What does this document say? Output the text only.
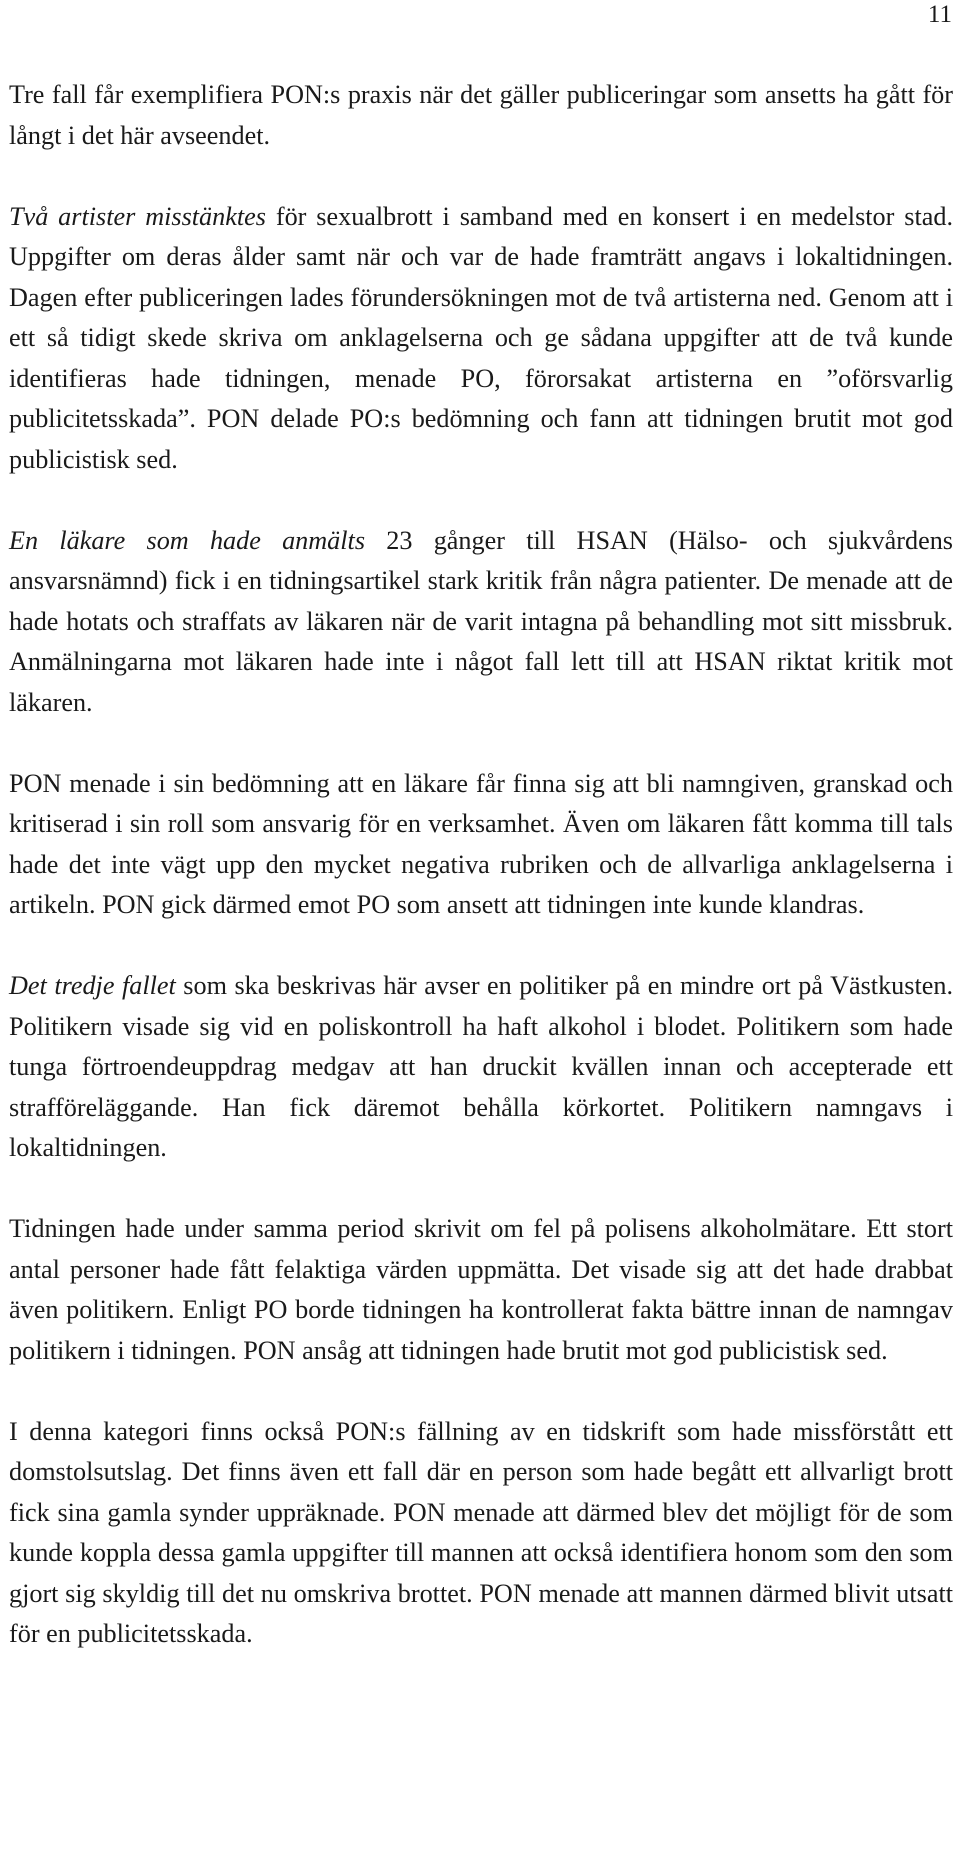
11

Tre fall får exemplifiera PON:s praxis när det gäller publiceringar som ansetts ha gått för långt i det här avseendet.

Två artister misstänktes för sexualbrott i samband med en konsert i en medelstor stad. Uppgifter om deras ålder samt när och var de hade framträtt angavs i lokaltidningen. Dagen efter publiceringen lades förundersökningen mot de två artisterna ned. Genom att i ett så tidigt skede skriva om anklagelserna och ge sådana uppgifter att de två kunde identifieras hade tidningen, menade PO, förorsakat artisterna en ”oförsvarlig publicitetsskada”. PON delade PO:s bedömning och fann att tidningen brutit mot god publicistisk sed.

En läkare som hade anmälts 23 gånger till HSAN (Hälso- och sjukvårdens ansvarsnämnd) fick i en tidningsartikel stark kritik från några patienter. De menade att de hade hotats och straffats av läkaren när de varit intagna på behandling mot sitt missbruk. Anmälningarna mot läkaren hade inte i något fall lett till att HSAN riktat kritik mot läkaren.

PON menade i sin bedömning att en läkare får finna sig att bli namngiven, granskad och kritiserad i sin roll som ansvarig för en verksamhet. Även om läkaren fått komma till tals hade det inte vägt upp den mycket negativa rubriken och de allvarliga anklagelserna i artikeln. PON gick därmed emot PO som ansett att tidningen inte kunde klandras.

Det tredje fallet som ska beskrivas här avser en politiker på en mindre ort på Västkusten. Politikern visade sig vid en poliskontroll ha haft alkohol i blodet. Politikern som hade tunga förtroendeuppdrag medgav att han druckit kvällen innan och accepterade ett strafföreläggande. Han fick däremot behålla körkortet. Politikern namngavs i lokaltidningen.

Tidningen hade under samma period skrivit om fel på polisens alkoholmätare. Ett stort antal personer hade fått felaktiga värden uppmätta. Det visade sig att det hade drabbat även politikern. Enligt PO borde tidningen ha kontrollerat fakta bättre innan de namngav politikern i tidningen. PON ansåg att tidningen hade brutit mot god publicistisk sed.

I denna kategori finns också PON:s fällning av en tidskrift som hade missförstått ett domstolsutslag. Det finns även ett fall där en person som hade begått ett allvarligt brott fick sina gamla synder uppräknade. PON menade att därmed blev det möjligt för de som kunde koppla dessa gamla uppgifter till mannen att också identifiera honom som den som gjort sig skyldig till det nu omskriva brottet. PON menade att mannen därmed blivit utsatt för en publicitetsskada.
